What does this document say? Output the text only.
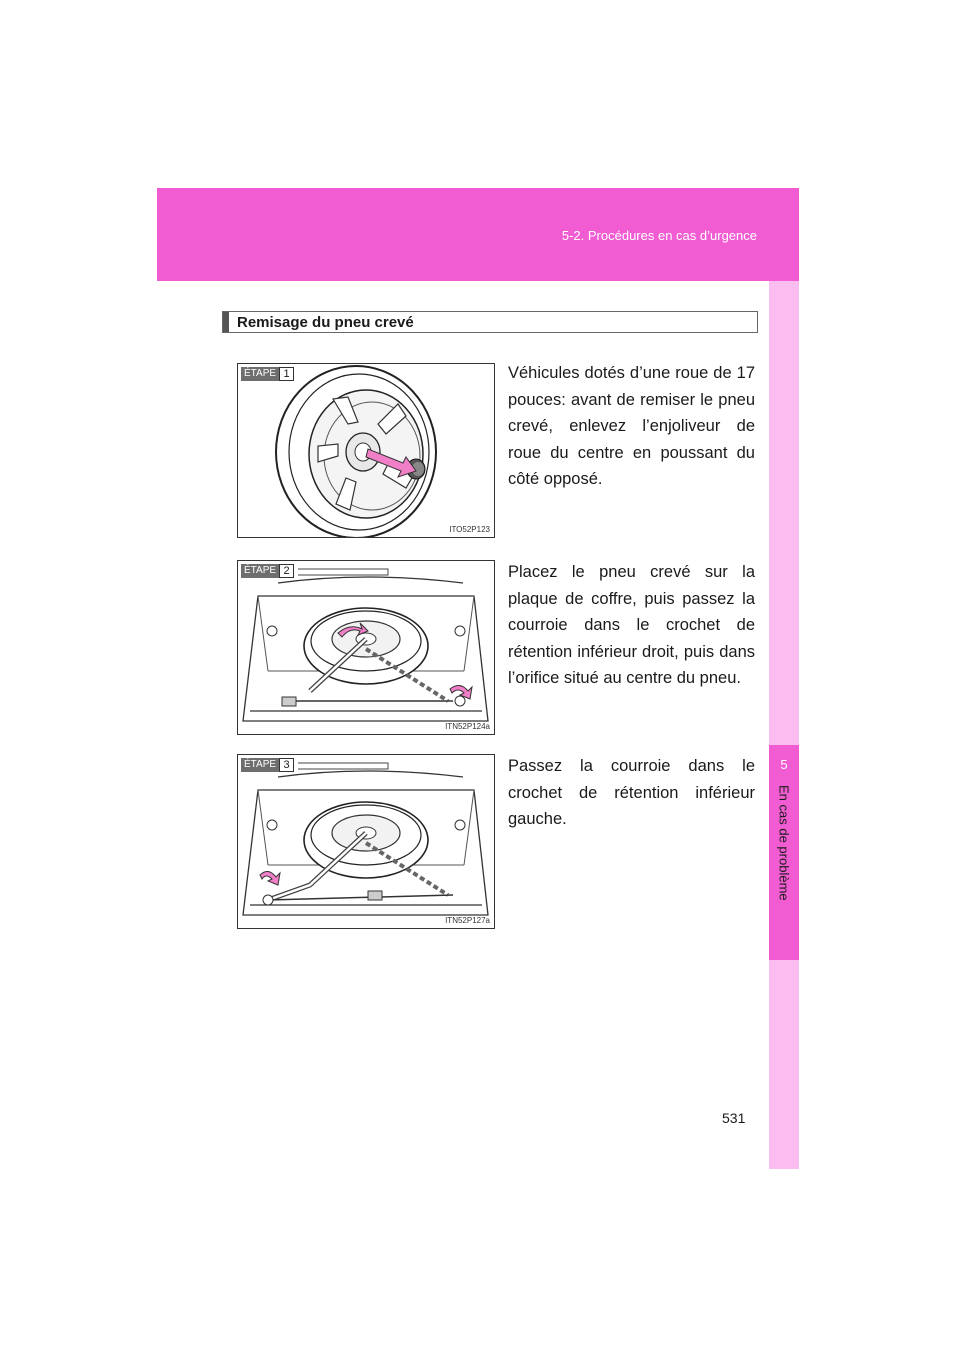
5-2. Procédures en cas d’urgence
5
En cas de problème
Remisage du pneu crevé
ÉTAPE 1
ITO52P123
Véhicules dotés d’une roue de 17 pouces: avant de remiser le pneu crevé, enlevez l’enjoliveur de roue du centre en poussant du côté opposé.
ÉTAPE 2
ITN52P124a
Placez le pneu crevé sur la plaque de coffre, puis passez la courroie dans le crochet de rétention inférieur droit, puis dans l’orifice situé au centre du pneu.
ÉTAPE 3
ITN52P127a
Passez la courroie dans le crochet de rétention inférieur gauche.
531
